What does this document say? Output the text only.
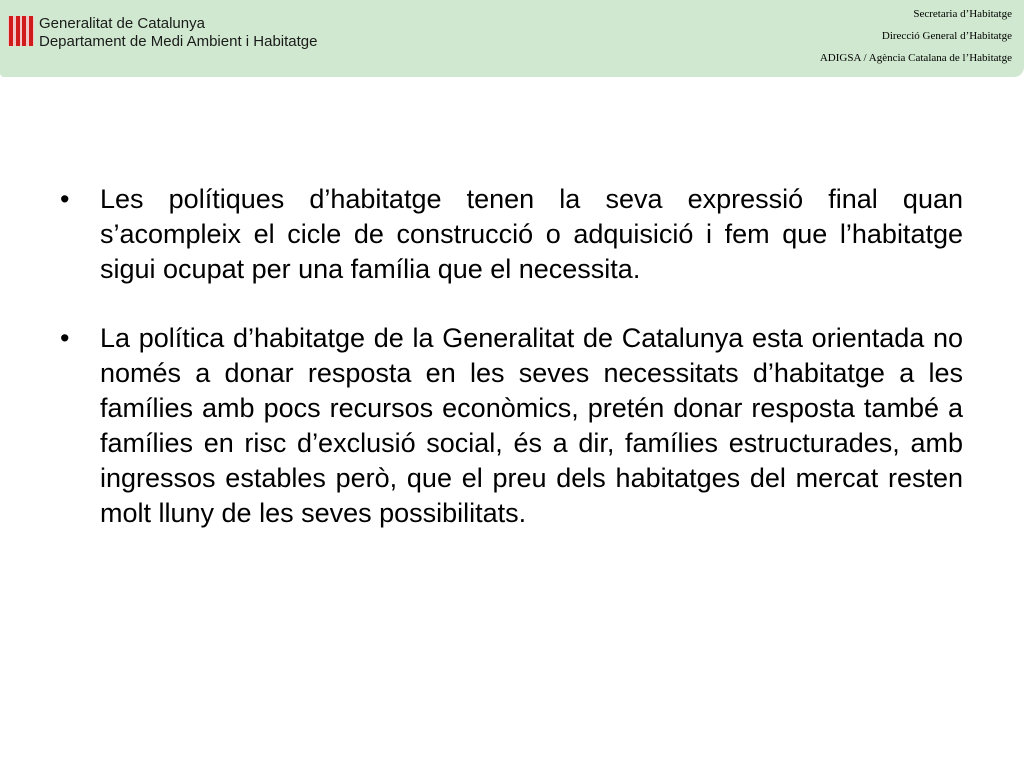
Generalitat de Catalunya
Departament de Medi Ambient i Habitatge
Secretaria d’Habitatge
Direcció General d’Habitatge
ADIGSA / Agència Catalana de l’Habitatge
• Les polítiques d’habitatge tenen la seva expressió final quan s’acompleix el cicle de construcció o adquisició i fem que l’habitatge sigui ocupat per una família que el necessita.
• La política d’habitatge de la Generalitat de Catalunya esta orientada no només a donar resposta en les seves necessitats d’habitatge a les famílies amb pocs recursos econòmics, pretén donar resposta també a famílies en risc d’exclusió social, és a dir, famílies estructurades, amb ingressos estables però, que el preu dels habitatges del mercat resten molt lluny de les seves possibilitats.
